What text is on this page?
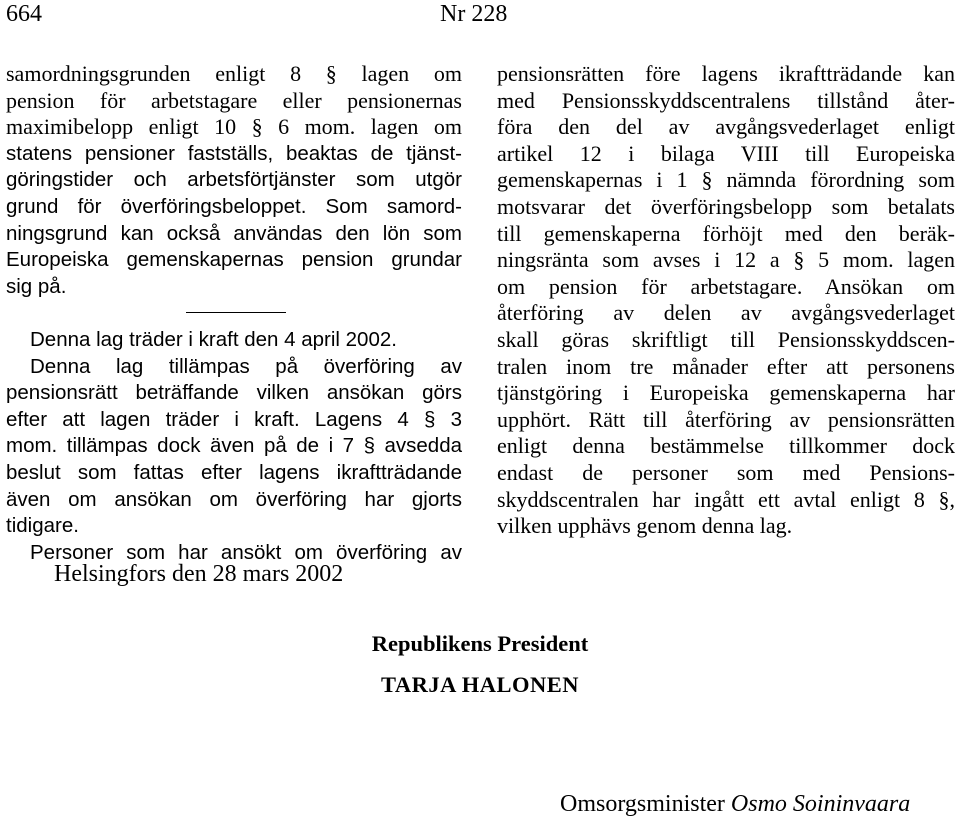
664	Nr 228
samordningsgrunden enligt 8 § lagen om
pension för arbetstagare eller pensionernas
maximibelopp enligt 10 § 6 mom. lagen om
statens pensioner fastställs, beaktas de tjänst-
göringstider och arbetsförtjänster som utgör
grund för överföringsbeloppet. Som samord-
ningsgrund kan också användas den lön som
Europeiska gemenskapernas pension grundar
sig på.
Denna lag träder i kraft den 4 april 2002.
Denna lag tillämpas på överföring av
pensionsrätt beträffande vilken ansökan görs
efter att lagen träder i kraft. Lagens 4 § 3
mom. tillämpas dock även på de i 7 § avsedda
beslut som fattas efter lagens ikraftträdande
även om ansökan om överföring har gjorts
tidigare.
Personer som har ansökt om överföring av
pensionsrätten före lagens ikraftträdande kan
med Pensionsskyddscentralens tillstånd åter-
föra den del av avgångsvederlaget enligt
artikel 12 i bilaga VIII till Europeiska
gemenskapernas i 1 § nämnda förordning som
motsvarar det överföringsbelopp som betalats
till gemenskaperna förhöjt med den beräk-
ningsränta som avses i 12 a § 5 mom. lagen
om pension för arbetstagare. Ansökan om
återföring av delen av avgångsvederlaget
skall göras skriftligt till Pensionsskyddscen-
tralen inom tre månader efter att personens
tjänstgöring i Europeiska gemenskaperna har
upphört. Rätt till återföring av pensionsrätten
enligt denna bestämmelse tillkommer dock
endast de personer som med Pensions-
skyddscentralen har ingått ett avtal enligt 8 §,
vilken upphävs genom denna lag.
Helsingfors den 28 mars 2002
Republikens President
TARJA HALONEN
Omsorgsminister Osmo Soininvaara
